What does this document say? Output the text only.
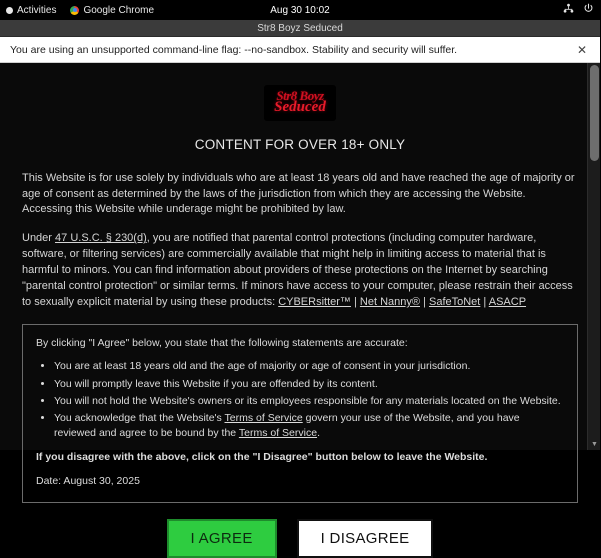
Activities	Google Chrome	Aug 30 10:02
Str8 Boyz Seduced
You are using an unsupported command-line flag: --no-sandbox. Stability and security will suffer.	✕
Str8 Boyz
Seduced
CONTENT FOR OVER 18+ ONLY

This Website is for use solely by individuals who are at least 18 years old and have reached the age of majority or age of consent as determined by the laws of the jurisdiction from which they are accessing the Website. Accessing this Website while underage might be prohibited by law.

Under 47 U.S.C. § 230(d), you are notified that parental control protections (including computer hardware, software, or filtering services) are commercially available that might help in limiting access to material that is harmful to minors. You can find information about providers of these protections on the Internet by searching "parental control protection" or similar terms. If minors have access to your computer, please restrain their access to sexually explicit material by using these products: CYBERsitter™ | Net Nanny® | SafeToNet | ASACP

By clicking "I Agree" below, you state that the following statements are accurate:

• You are at least 18 years old and the age of majority or age of consent in your jurisdiction.
• You will promptly leave this Website if you are offended by its content.
• You will not hold the Website's owners or its employees responsible for any materials located on the Website.
• You acknowledge that the Website's Terms of Service govern your use of the Website, and you have reviewed and agree to be bound by the Terms of Service.

If you disagree with the above, click on the "I Disagree" button below to leave the Website.

Date: August 30, 2025

I AGREE	I DISAGREE
▼
